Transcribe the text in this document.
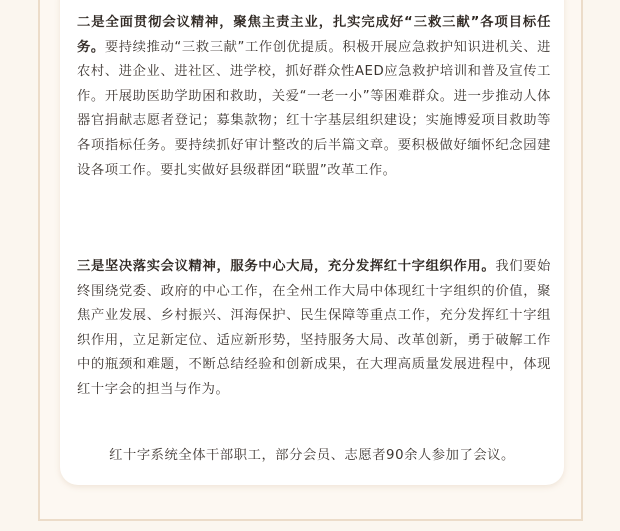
二是全面贯彻会议精神，聚焦主责主业，扎实完成好“三救三献”各项目标任务。要持续推动“三救三献”工作创优提质。积极开展应急救护知识进机关、进农村、进企业、进社区、进学校，抓好群众性AED应急救护培训和普及宣传工作。开展助医助学助困和救助，关爱“一老一小”等困难群众。进一步推动人体器官捐献志愿者登记；募集款物；红十字基层组织建设；实施博爱项目救助等各项指标任务。要持续抓好审计整改的后半篇文章。要积极做好缅怀纪念园建设各项工作。要扎实做好县级群团“联盟”改革工作。

三是坚决落实会议精神，服务中心大局，充分发挥红十字组织作用。我们要始终围绕党委、政府的中心工作，在全州工作大局中体现红十字组织的价值，聚焦产业发展、乡村振兴、洱海保护、民生保障等重点工作，充分发挥红十字组织作用，立足新定位、适应新形势，坚持服务大局、改革创新，勇于破解工作中的瓶颈和难题，不断总结经验和创新成果，在大理高质量发展进程中，体现红十字会的担当与作为。

红十字系统全体干部职工，部分会员、志愿者90余人参加了会议。
